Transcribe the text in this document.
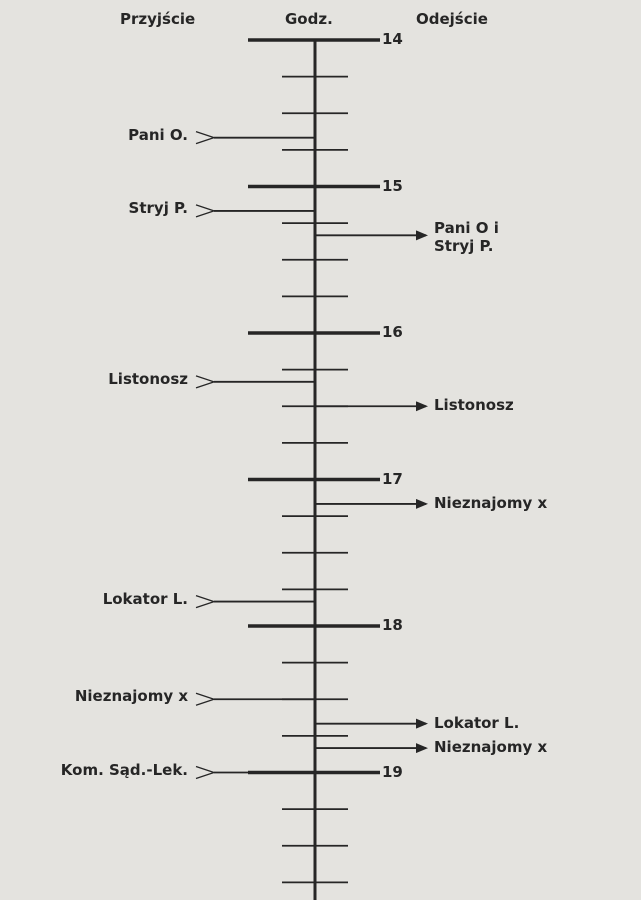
Przyjście	Godz.	Odejście
14
15
16
17
18
19
Pani O.
Stryj P.
Listonosz
Lokator L.
Nieznajomy x
Kom. Sąd.-Lek.
Pani O i
Stryj P.
Listonosz
Nieznajomy x
Lokator L.
Nieznajomy x
